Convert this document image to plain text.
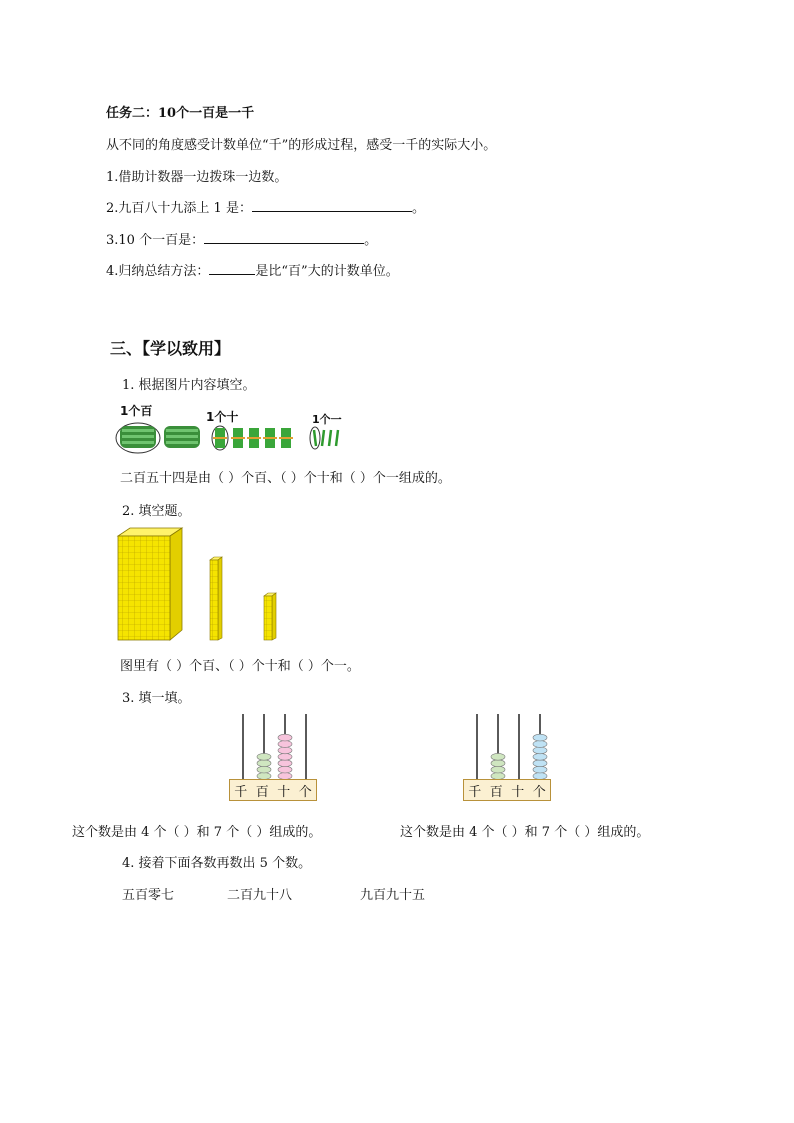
任务二：10个一百是一千
从不同的角度感受计数单位“千”的形成过程，感受一千的实际大小。
1.借助计数器一边拨珠一边数。
2.九百八十九添上 1 是：	。
3.10 个一百是：	。
4.归纳总结方法：	是比“百”大的计数单位。
三、【学以致用】
1. 根据图片内容填空。
1个百	1个十	1个一
二百五十四是由（ ）个百、（ ）个十和（ ）个一组成的。
2. 填空题。
图里有（ ）个百、（ ）个十和（ ）个一。
3. 填一填。
千 百 十 个	千 百 十 个
这个数是由 4 个（ ）和 7 个（ ）组成的。	这个数是由 4 个（ ）和 7 个（ ）组成的。
4. 接着下面各数再数出 5 个数。
五百零七	二百九十八	九百九十五
